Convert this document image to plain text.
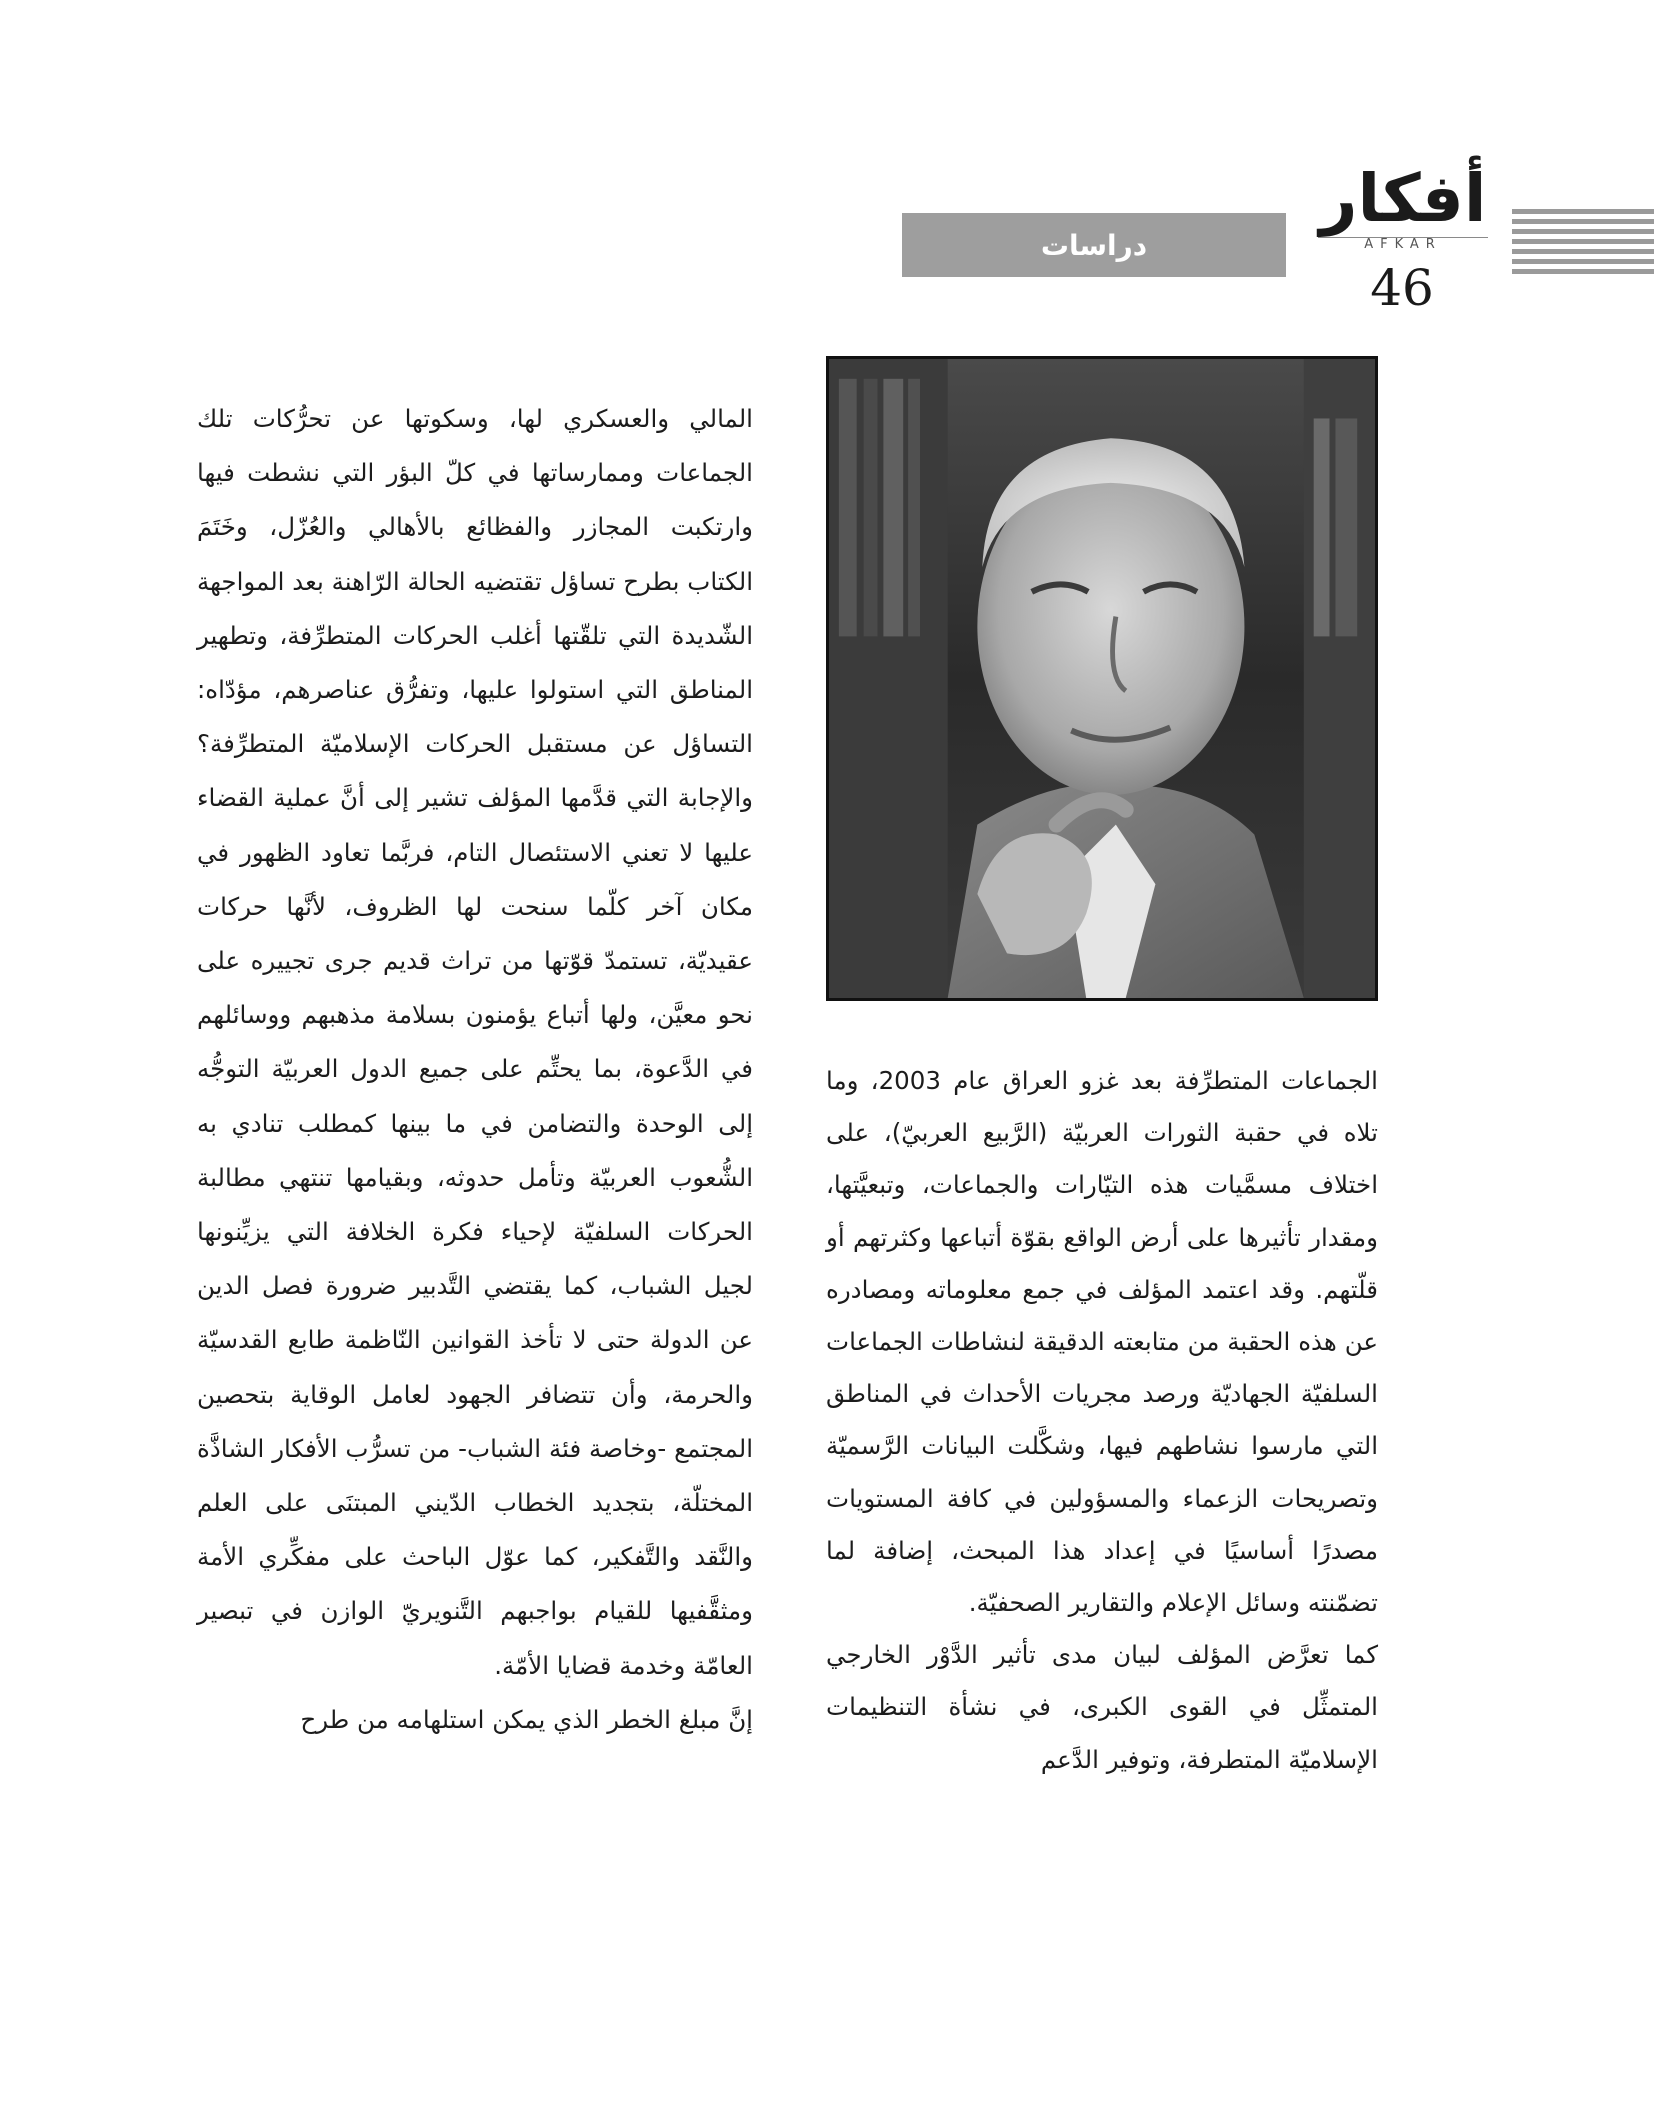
أفكار
AFKAR
دراسات
46

المالي والعسكري لها، وسكوتها عن تحرُّكات تلك الجماعات وممارساتها في كلّ البؤر التي نشطت فيها وارتكبت المجازر والفظائع بالأهالي والعُزّل، وخَتَمَ الكتاب بطرح تساؤل تقتضيه الحالة الرّاهنة بعد المواجهة الشّديدة التي تلقّتها أغلب الحركات المتطرِّفة، وتطهير المناطق التي استولوا عليها، وتفرُّق عناصرهم، مؤدّاه: التساؤل عن مستقبل الحركات الإسلاميّة المتطرِّفة؟ والإجابة التي قدَّمها المؤلف تشير إلى أنَّ عملية القضاء عليها لا تعني الاستئصال التام، فربَّما تعاود الظهور في مكان آخر كلّما سنحت لها الظروف، لأنَّها حركات عقيديّة، تستمدّ قوّتها من تراث قديم جرى تجييره على نحو معيَّن، ولها أتباع يؤمنون بسلامة مذهبهم ووسائلهم في الدَّعوة، بما يحتِّم على جميع الدول العربيّة التوجُّه إلى الوحدة والتضامن في ما بينها كمطلب تنادي به الشُّعوب العربيّة وتأمل حدوثه، وبقيامها تنتهي مطالبة الحركات السلفيّة لإحياء فكرة الخلافة التي يزيِّنونها لجيل الشباب، كما يقتضي التَّدبير ضرورة فصل الدين عن الدولة حتى لا تأخذ القوانين النّاظمة طابع القدسيّة والحرمة، وأن تتضافر الجهود لعامل الوقاية بتحصين المجتمع -وخاصة فئة الشباب- من تسرُّب الأفكار الشاذَّة المختلّة، بتجديد الخطاب الدّيني المبتنَى على العلم والنَّقد والتَّفكير، كما عوّل الباحث على مفكِّري الأمة ومثقَّفيها للقيام بواجبهم التَّنويريّ الوازن في تبصير العامّة وخدمة قضايا الأمّة.

إنَّ مبلغ الخطر الذي يمكن استلهامه من طرح

الجماعات المتطرِّفة بعد غزو العراق عام 2003، وما تلاه في حقبة الثورات العربيّة (الرَّبيع العربيّ)، على اختلاف مسمَّيات هذه التيّارات والجماعات، وتبعيَّتها، ومقدار تأثيرها على أرض الواقع بقوّة أتباعها وكثرتهم أو قلّتهم. وقد اعتمد المؤلف في جمع معلوماته ومصادره عن هذه الحقبة من متابعته الدقيقة لنشاطات الجماعات السلفيّة الجهاديّة ورصد مجريات الأحداث في المناطق التي مارسوا نشاطهم فيها، وشكَّلت البيانات الرَّسميّة وتصريحات الزعماء والمسؤولين في كافة المستويات مصدرًا أساسيًا في إعداد هذا المبحث، إضافة لما تضمّنته وسائل الإعلام والتقارير الصحفيّة.

كما تعرَّض المؤلف لبيان مدى تأثير الدَّوْر الخارجي المتمثِّل في القوى الكبرى، في نشأة التنظيمات الإسلاميّة المتطرفة، وتوفير الدَّعم
